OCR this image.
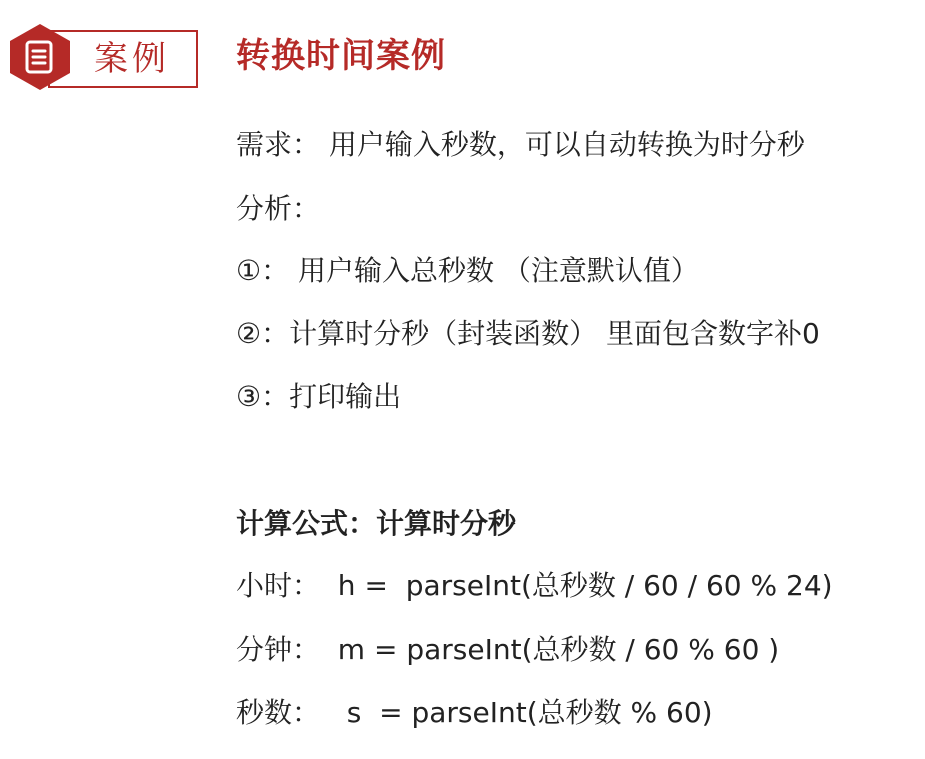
案例 转换时间案例
需求： 用户输入秒数，可以自动转换为时分秒
分析：
①： 用户输入总秒数 （注意默认值）
②：计算时分秒（封装函数） 里面包含数字补0
③：打印输出
计算公式：计算时分秒
小时：  h =  parseInt(总秒数 / 60 / 60 % 24)
分钟：  m = parseInt(总秒数 / 60 % 60 )
秒数：   s  = parseInt(总秒数 % 60)
